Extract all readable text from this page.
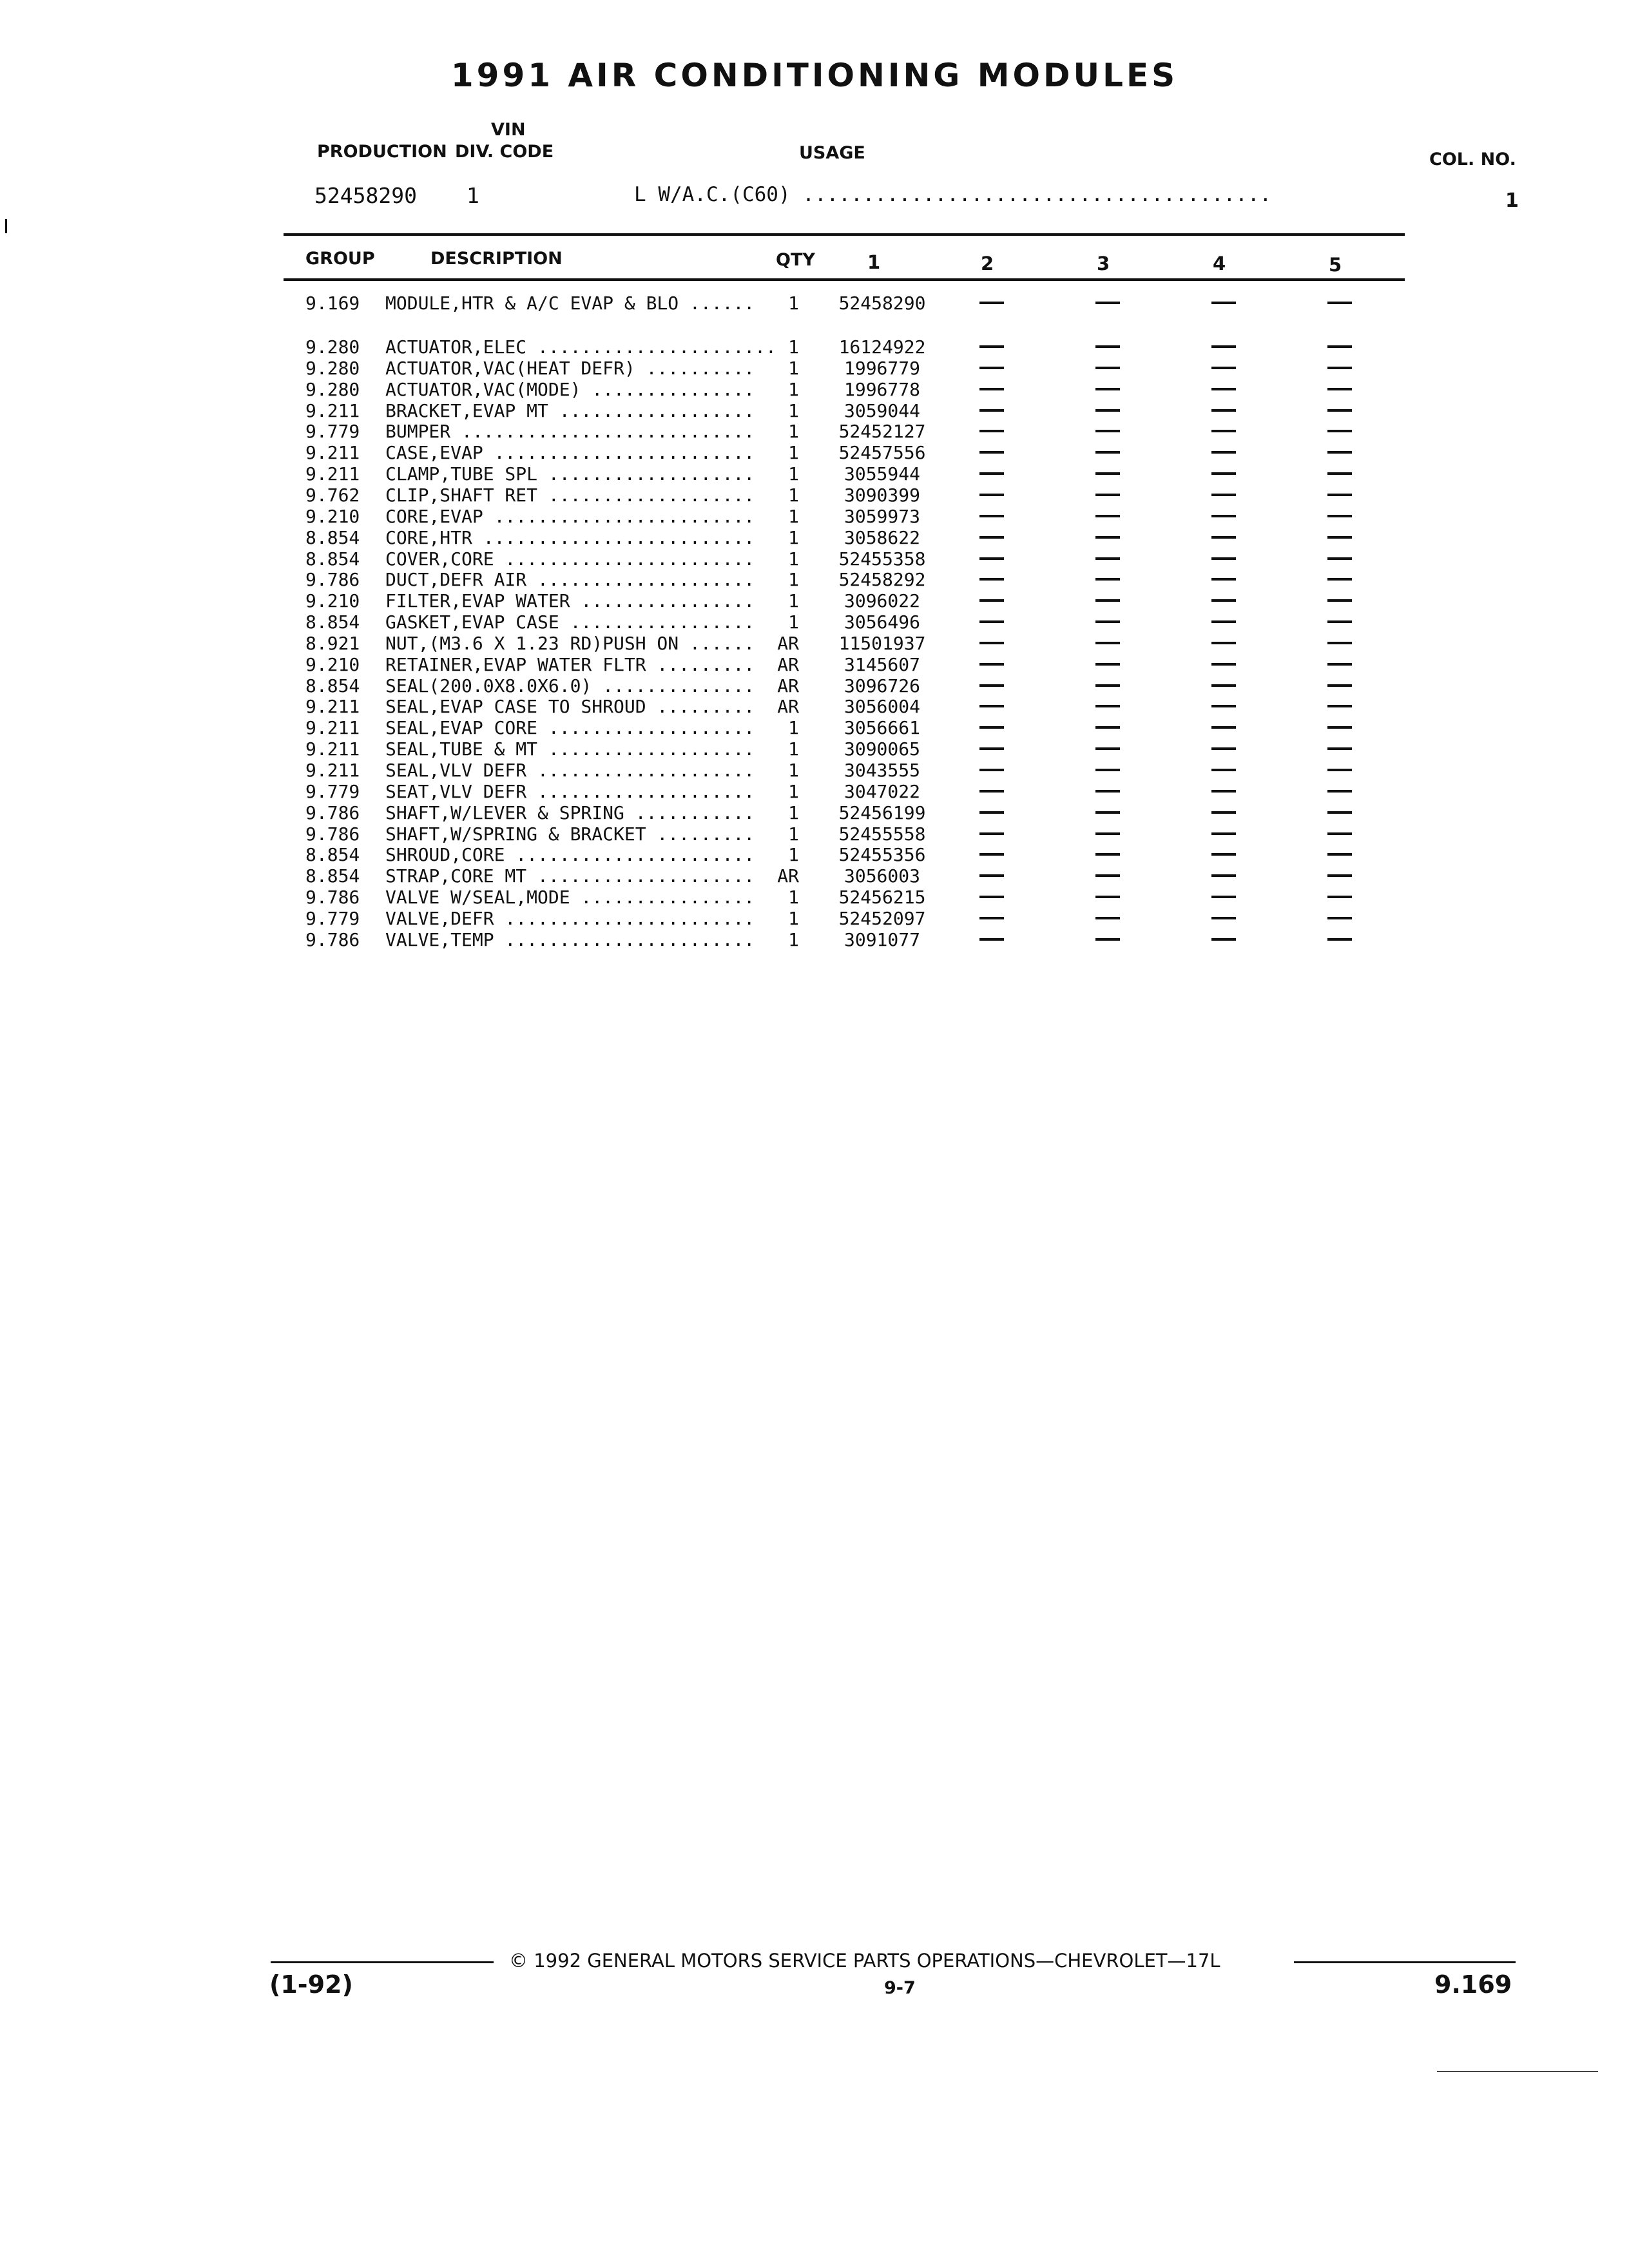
1991 AIR CONDITIONING MODULES
VIN
PRODUCTION DIV. CODE	USAGE	COL. NO.
52458290 1	L W/A.C.(C60) .......................................	1
GROUP	DESCRIPTION	QTY	1	2	3	4	5
9.169 MODULE,HTR & A/C EVAP & BLO ......	1	52458290
9.280 ACTUATOR,ELEC ...................... 1	16124922
9.280 ACTUATOR,VAC(HEAT DEFR) ..........	1	1996779
9.280 ACTUATOR,VAC(MODE) ...............	1	1996778
9.211 BRACKET,EVAP MT ..................	1	3059044
9.779 BUMPER ...........................	1	52452127
9.211 CASE,EVAP ........................	1	52457556
9.211 CLAMP,TUBE SPL ...................	1	3055944
9.762 CLIP,SHAFT RET ...................	1	3090399
9.210 CORE,EVAP ........................	1	3059973
8.854 CORE,HTR .........................	1	3058622
8.854 COVER,CORE .......................	1	52455358
9.786 DUCT,DEFR AIR ....................	1	52458292
9.210 FILTER,EVAP WATER ................	1	3096022
8.854 GASKET,EVAP CASE .................	1	3056496
8.921 NUT,(M3.6 X 1.23 RD)PUSH ON ...... AR	11501937
9.210 RETAINER,EVAP WATER FLTR ......... AR	3145607
8.854 SEAL(200.0X8.0X6.0) .............. AR	3096726
9.211 SEAL,EVAP CASE TO SHROUD ......... AR	3056004
9.211 SEAL,EVAP CORE ...................	1	3056661
9.211 SEAL,TUBE & MT ...................	1	3090065
9.211 SEAL,VLV DEFR ....................	1	3043555
9.779 SEAT,VLV DEFR ....................	1	3047022
9.786 SHAFT,W/LEVER & SPRING ...........	1	52456199
9.786 SHAFT,W/SPRING & BRACKET .........	1	52455558
8.854 SHROUD,CORE ......................	1	52455356
8.854 STRAP,CORE MT .................... AR	3056003
9.786 VALVE W/SEAL,MODE ................	1	52456215
9.779 VALVE,DEFR .......................	1	52452097
9.786 VALVE,TEMP .......................	1	3091077
© 1992 GENERAL MOTORS SERVICE PARTS OPERATIONS—CHEVROLET—17L
(1-92)	9-7	9.169
